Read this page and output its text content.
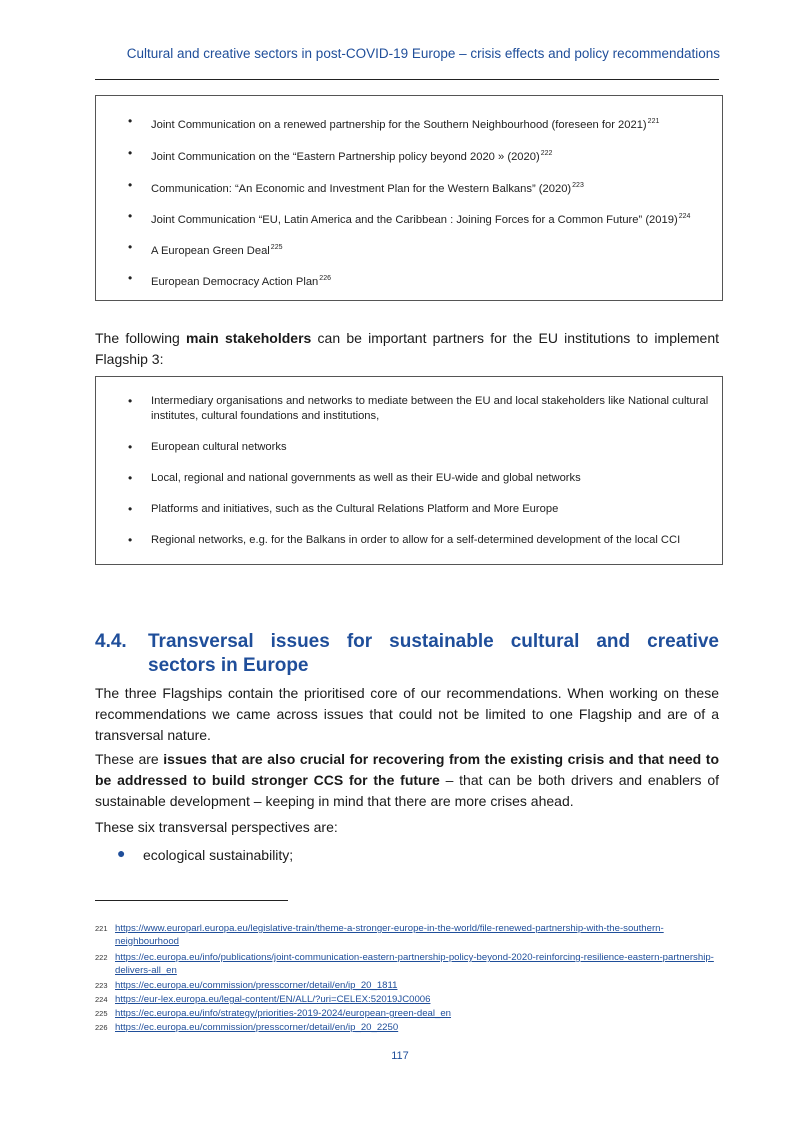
Cultural and creative sectors in post-COVID-19 Europe – crisis effects and policy recommendations
• Joint Communication on a renewed partnership for the Southern Neighbourhood (foreseen for 2021)$^{221}$
• Joint Communication on the “Eastern Partnership policy beyond 2020 » $(2020)^{222}$
• Communication: “An Economic and Investment Plan for the Western Balkans” $(2020)^{223}$
• Joint Communication “EU, Latin America and the Caribbean : Joining Forces for a Common Future” $(2019)^{224}$
• A European Green Deal$^{225}$
• European Democracy Action Plan$^{226}$
The following main stakeholders can be important partners for the EU institutions to implement Flagship 3:
• Intermediary organisations and networks to mediate between the EU and local stakeholders like National cultural institutes, cultural foundations and institutions,
• European cultural networks
• Local, regional and national governments as well as their EU-wide and global networks
• Platforms and initiatives, such as the Cultural Relations Platform and More Europe
• Regional networks, e.g. for the Balkans in order to allow for a self-determined development of the local CCI
4.4. Transversal issues for sustainable cultural and creative sectors in Europe
The three Flagships contain the prioritised core of our recommendations. When working on these recommendations we came across issues that could not be limited to one Flagship and are of a transversal nature.
These are issues that are also crucial for recovering from the existing crisis and that need to be addressed to build stronger CCS for the future – that can be both drivers and enablers of sustainable development – keeping in mind that there are more crises ahead.
These six transversal perspectives are:
● ecological sustainability;
221 https://www.europarl.europa.eu/legislative-train/theme-a-stronger-europe-in-the-world/file-renewed-partnership-with-the-southern-neighbourhood
222 https://ec.europa.eu/info/publications/joint-communication-eastern-partnership-policy-beyond-2020-reinforcing-resilience-eastern-partnership-delivers-all_en
223 https://ec.europa.eu/commission/presscorner/detail/en/ip_20_1811
224 https://eur-lex.europa.eu/legal-content/EN/ALL/?uri=CELEX:52019JC0006
225 https://ec.europa.eu/info/strategy/priorities-2019-2024/european-green-deal_en
226 https://ec.europa.eu/commission/presscorner/detail/en/ip_20_2250
117
